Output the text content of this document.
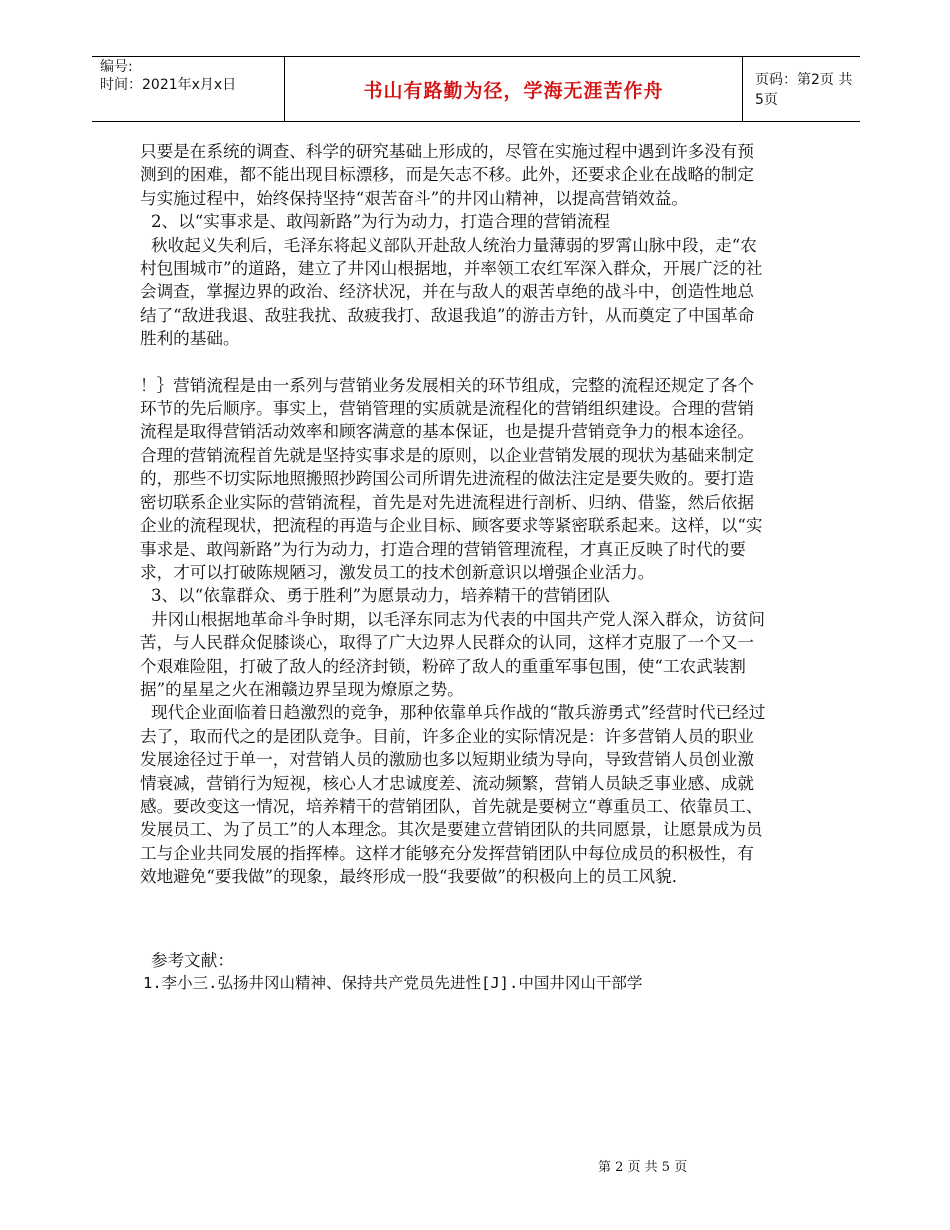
编号:
时间：2021年x月x日	书山有路勤为径，学海无涯苦作舟	页码：第2页 共5页

只要是在系统的调查、科学的研究基础上形成的，尽管在实施过程中遇到许多没有预测到的困难，都不能出现目标漂移，而是矢志不移。此外，还要求企业在战略的制定与实施过程中，始终保持坚持“艰苦奋斗”的井冈山精神，以提高营销效益。

2、以“实事求是、敢闯新路”为行为动力，打造合理的营销流程

秋收起义失利后，毛泽东将起义部队开赴敌人统治力量薄弱的罗霄山脉中段，走“农村包围城市”的道路，建立了井冈山根据地，并率领工农红军深入群众，开展广泛的社会调查，掌握边界的政治、经济状况，并在与敌人的艰苦卓绝的战斗中，创造性地总结了“敌进我退、敌驻我扰、敌疲我打、敌退我追”的游击方针，从而奠定了中国革命胜利的基础。

！｝营销流程是由一系列与营销业务发展相关的环节组成，完整的流程还规定了各个环节的先后顺序。事实上，营销管理的实质就是流程化的营销组织建设。合理的营销流程是取得营销活动效率和顾客满意的基本保证，也是提升营销竞争力的根本途径。合理的营销流程首先就是坚持实事求是的原则，以企业营销发展的现状为基础来制定的，那些不切实际地照搬照抄跨国公司所谓先进流程的做法注定是要失败的。要打造密切联系企业实际的营销流程，首先是对先进流程进行剖析、归纳、借鉴，然后依据企业的流程现状，把流程的再造与企业目标、顾客要求等紧密联系起来。这样，以“实事求是、敢闯新路”为行为动力，打造合理的营销管理流程，才真正反映了时代的要求，才可以打破陈规陋习，激发员工的技术创新意识以增强企业活力。

3、以“依靠群众、勇于胜利”为愿景动力，培养精干的营销团队

井冈山根据地革命斗争时期，以毛泽东同志为代表的中国共产党人深入群众，访贫问苦，与人民群众促膝谈心，取得了广大边界人民群众的认同，这样才克服了一个又一个艰难险阻，打破了敌人的经济封锁，粉碎了敌人的重重军事包围，使“工农武装割据”的星星之火在湘赣边界呈现为燎原之势。

现代企业面临着日趋激烈的竞争，那种依靠单兵作战的“散兵游勇式”经营时代已经过去了，取而代之的是团队竞争。目前，许多企业的实际情况是：许多营销人员的职业发展途径过于单一，对营销人员的激励也多以短期业绩为导向，导致营销人员创业激情衰减，营销行为短视，核心人才忠诚度差、流动频繁，营销人员缺乏事业感、成就感。要改变这一情况，培养精干的营销团队，首先就是要树立“尊重员工、依靠员工、发展员工、为了员工”的人本理念。其次是要建立营销团队的共同愿景，让愿景成为员工与企业共同发展的指挥棒。这样才能够充分发挥营销团队中每位成员的积极性，有效地避免“要我做”的现象，最终形成一股“我要做”的积极向上的员工风貌．

参考文献：

1.李小三.弘扬井冈山精神、保持共产党员先进性[J].中国井冈山干部学

第 2 页 共 5 页
